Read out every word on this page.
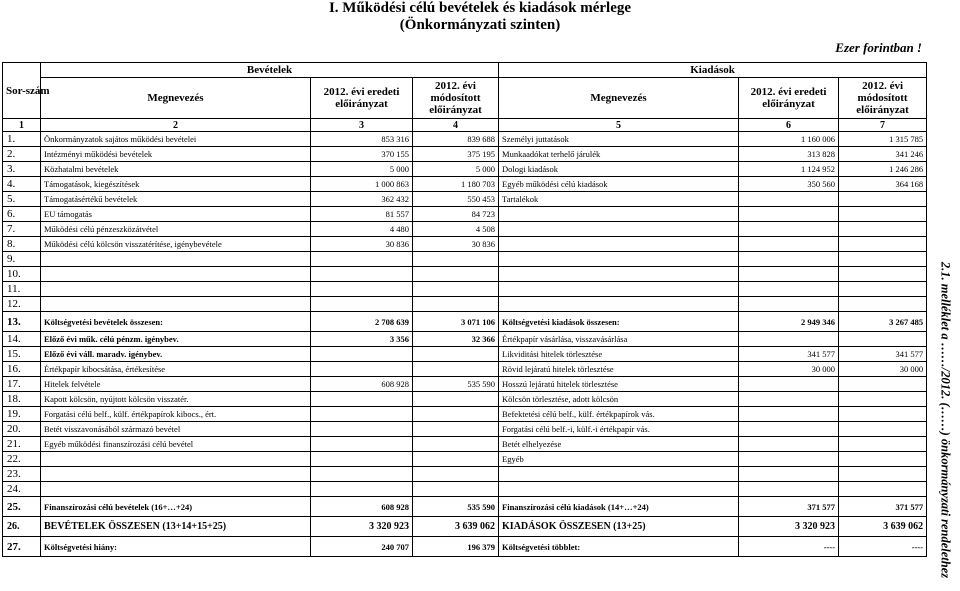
I. Működési célú bevételek és kiadások mérlege
(Önkormányzati szinten)
Ezer forintban !
2.1. melléklet a ……/2012. (……) önkormányzati rendelethez
Sor-szám	Bevételek			Kiadások		
	Megnevezés	2012. évi eredeti előirányzat	2012. évi módosított előirányzat	Megnevezés	2012. évi eredeti előirányzat	2012. évi módosított előirányzat
1	2	3	4	5	6	7
1.	Önkormányzatok sajátos működési bevételei	853 316	839 688	Személyi juttatások	1 160 006	1 315 785
2.	Intézményi működési bevételek	370 155	375 195	Munkaadókat terhelő járulék	313 828	341 246
3.	Közhatalmi bevételek	5 000	5 000	Dologi kiadások	1 124 952	1 246 286
4.	Támogatások, kiegészítések	1 000 863	1 180 703	Egyéb működési célú kiadások	350 560	364 168
5.	Támogatásértékű bevételek	362 432	550 453	Tartalékok		
6.	EU támogatás	81 557	84 723			
7.	Működési célú pénzeszközátvétel	4 480	4 508			
8.	Működési célú kölcsön visszatérítése, igénybevétele	30 836	30 836			
9.						
10.						
11.						
12.						
13.	Költségvetési bevételek összesen:	2 708 639	3 071 106	Költségvetési kiadások összesen:	2 949 346	3 267 485
14.	Előző évi műk. célú pénzm. igénybev.	3 356	32 366	Értékpapír vásárlása, visszavásárlása		
15.	Előző évi váll. maradv. igénybev.			Likviditási hitelek törlesztése	341 577	341 577
16.	Értékpapír kibocsátása, értékesítése			Rövid lejáratú hitelek törlesztése	30 000	30 000
17.	Hitelek felvétele	608 928	535 590	Hosszú lejáratú hitelek törlesztése		
18.	Kapott kölcsön, nyújtott kölcsön visszatér.			Kölcsön törlesztése, adott kölcsön		
19.	Forgatási célú belf., külf. értékpapírok kibocs., ért.			Befektetési célú belf., külf. értékpapírok vás.		
20.	Betét visszavonásából származó bevétel			Forgatási célú belf.-i, külf.-i értékpapír vás.		
21.	Egyéb működési finanszírozási célú bevétel			Betét elhelyezése		
22.				Egyéb		
23.						
24.						
25.	Finanszírozási célú bevételek (16+…+24)	608 928	535 590	Finanszírozási célú kiadások (14+…+24)	371 577	371 577
26.	BEVÉTELEK ÖSSZESEN (13+14+15+25)	3 320 923	3 639 062	KIADÁSOK ÖSSZESEN (13+25)	3 320 923	3 639 062
27.	Költségvetési hiány:	240 707	196 379	Költségvetési többlet:	----	----
